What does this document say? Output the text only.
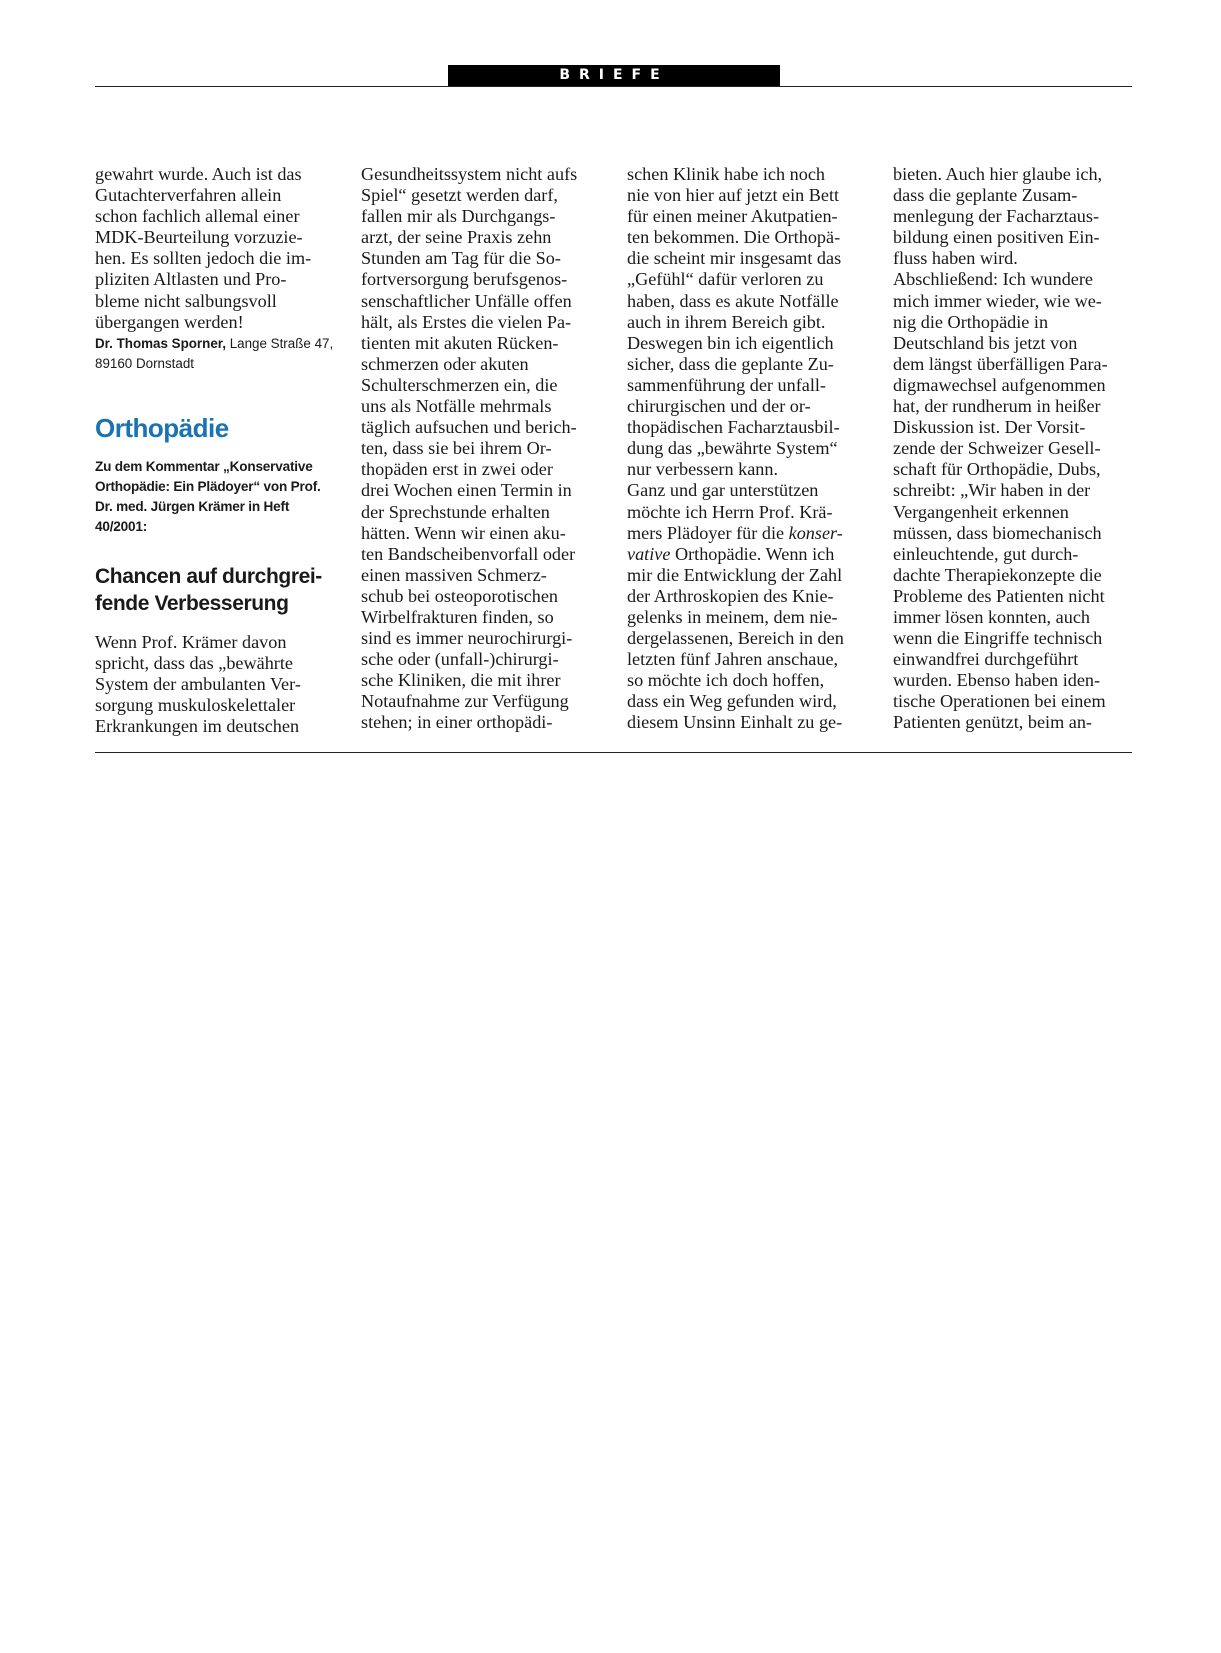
BRIEFE
gewahrt wurde. Auch ist das
Gutachterverfahren allein
schon fachlich allemal einer
MDK-Beurteilung vorzuzie-
hen. Es sollten jedoch die im-
pliziten Altlasten und Pro-
bleme nicht salbungsvoll
übergangen werden!
Dr. Thomas Sporner, Lange Straße 47,
89160 Dornstadt
Orthopädie
Zu dem Kommentar „Konservative
Orthopädie: Ein Plädoyer“ von Prof.
Dr. med. Jürgen Krämer in Heft
40/2001:
Chancen auf durchgrei-
fende Verbesserung
Wenn Prof. Krämer davon
spricht, dass das „bewährte
System der ambulanten Ver-
sorgung muskuloskelettaler
Erkrankungen im deutschen
Gesundheitssystem nicht aufs
Spiel“ gesetzt werden darf,
fallen mir als Durchgangs-
arzt, der seine Praxis zehn
Stunden am Tag für die So-
fortversorgung berufsgenos-
senschaftlicher Unfälle offen
hält, als Erstes die vielen Pa-
tienten mit akuten Rücken-
schmerzen oder akuten
Schulterschmerzen ein, die
uns als Notfälle mehrmals
täglich aufsuchen und berich-
ten, dass sie bei ihrem Or-
thopäden erst in zwei oder
drei Wochen einen Termin in
der Sprechstunde erhalten
hätten. Wenn wir einen aku-
ten Bandscheibenvorfall oder
einen massiven Schmerz-
schub bei osteoporotischen
Wirbelfrakturen finden, so
sind es immer neurochirurgi-
sche oder (unfall-)chirurgi-
sche Kliniken, die mit ihrer
Notaufnahme zur Verfügung
stehen; in einer orthopädi-
schen Klinik habe ich noch
nie von hier auf jetzt ein Bett
für einen meiner Akutpatien-
ten bekommen. Die Orthopä-
die scheint mir insgesamt das
„Gefühl“ dafür verloren zu
haben, dass es akute Notfälle
auch in ihrem Bereich gibt.
Deswegen bin ich eigentlich
sicher, dass die geplante Zu-
sammenführung der unfall-
chirurgischen und der or-
thopädischen Facharztausbil-
dung das „bewährte System“
nur verbessern kann.
Ganz und gar unterstützen
möchte ich Herrn Prof. Krä-
mers Plädoyer für die konser-
vative Orthopädie. Wenn ich
mir die Entwicklung der Zahl
der Arthroskopien des Knie-
gelenks in meinem, dem nie-
dergelassenen, Bereich in den
letzten fünf Jahren anschaue,
so möchte ich doch hoffen,
dass ein Weg gefunden wird,
diesem Unsinn Einhalt zu ge-
bieten. Auch hier glaube ich,
dass die geplante Zusam-
menlegung der Facharztaus-
bildung einen positiven Ein-
fluss haben wird.
Abschließend: Ich wundere
mich immer wieder, wie we-
nig die Orthopädie in
Deutschland bis jetzt von
dem längst überfälligen Para-
digmawechsel aufgenommen
hat, der rundherum in heißer
Diskussion ist. Der Vorsit-
zende der Schweizer Gesell-
schaft für Orthopädie, Dubs,
schreibt: „Wir haben in der
Vergangenheit erkennen
müssen, dass biomechanisch
einleuchtende, gut durch-
dachte Therapiekonzepte die
Probleme des Patienten nicht
immer lösen konnten, auch
wenn die Eingriffe technisch
einwandfrei durchgeführt
wurden. Ebenso haben iden-
tische Operationen bei einem
Patienten genützt, beim an-
